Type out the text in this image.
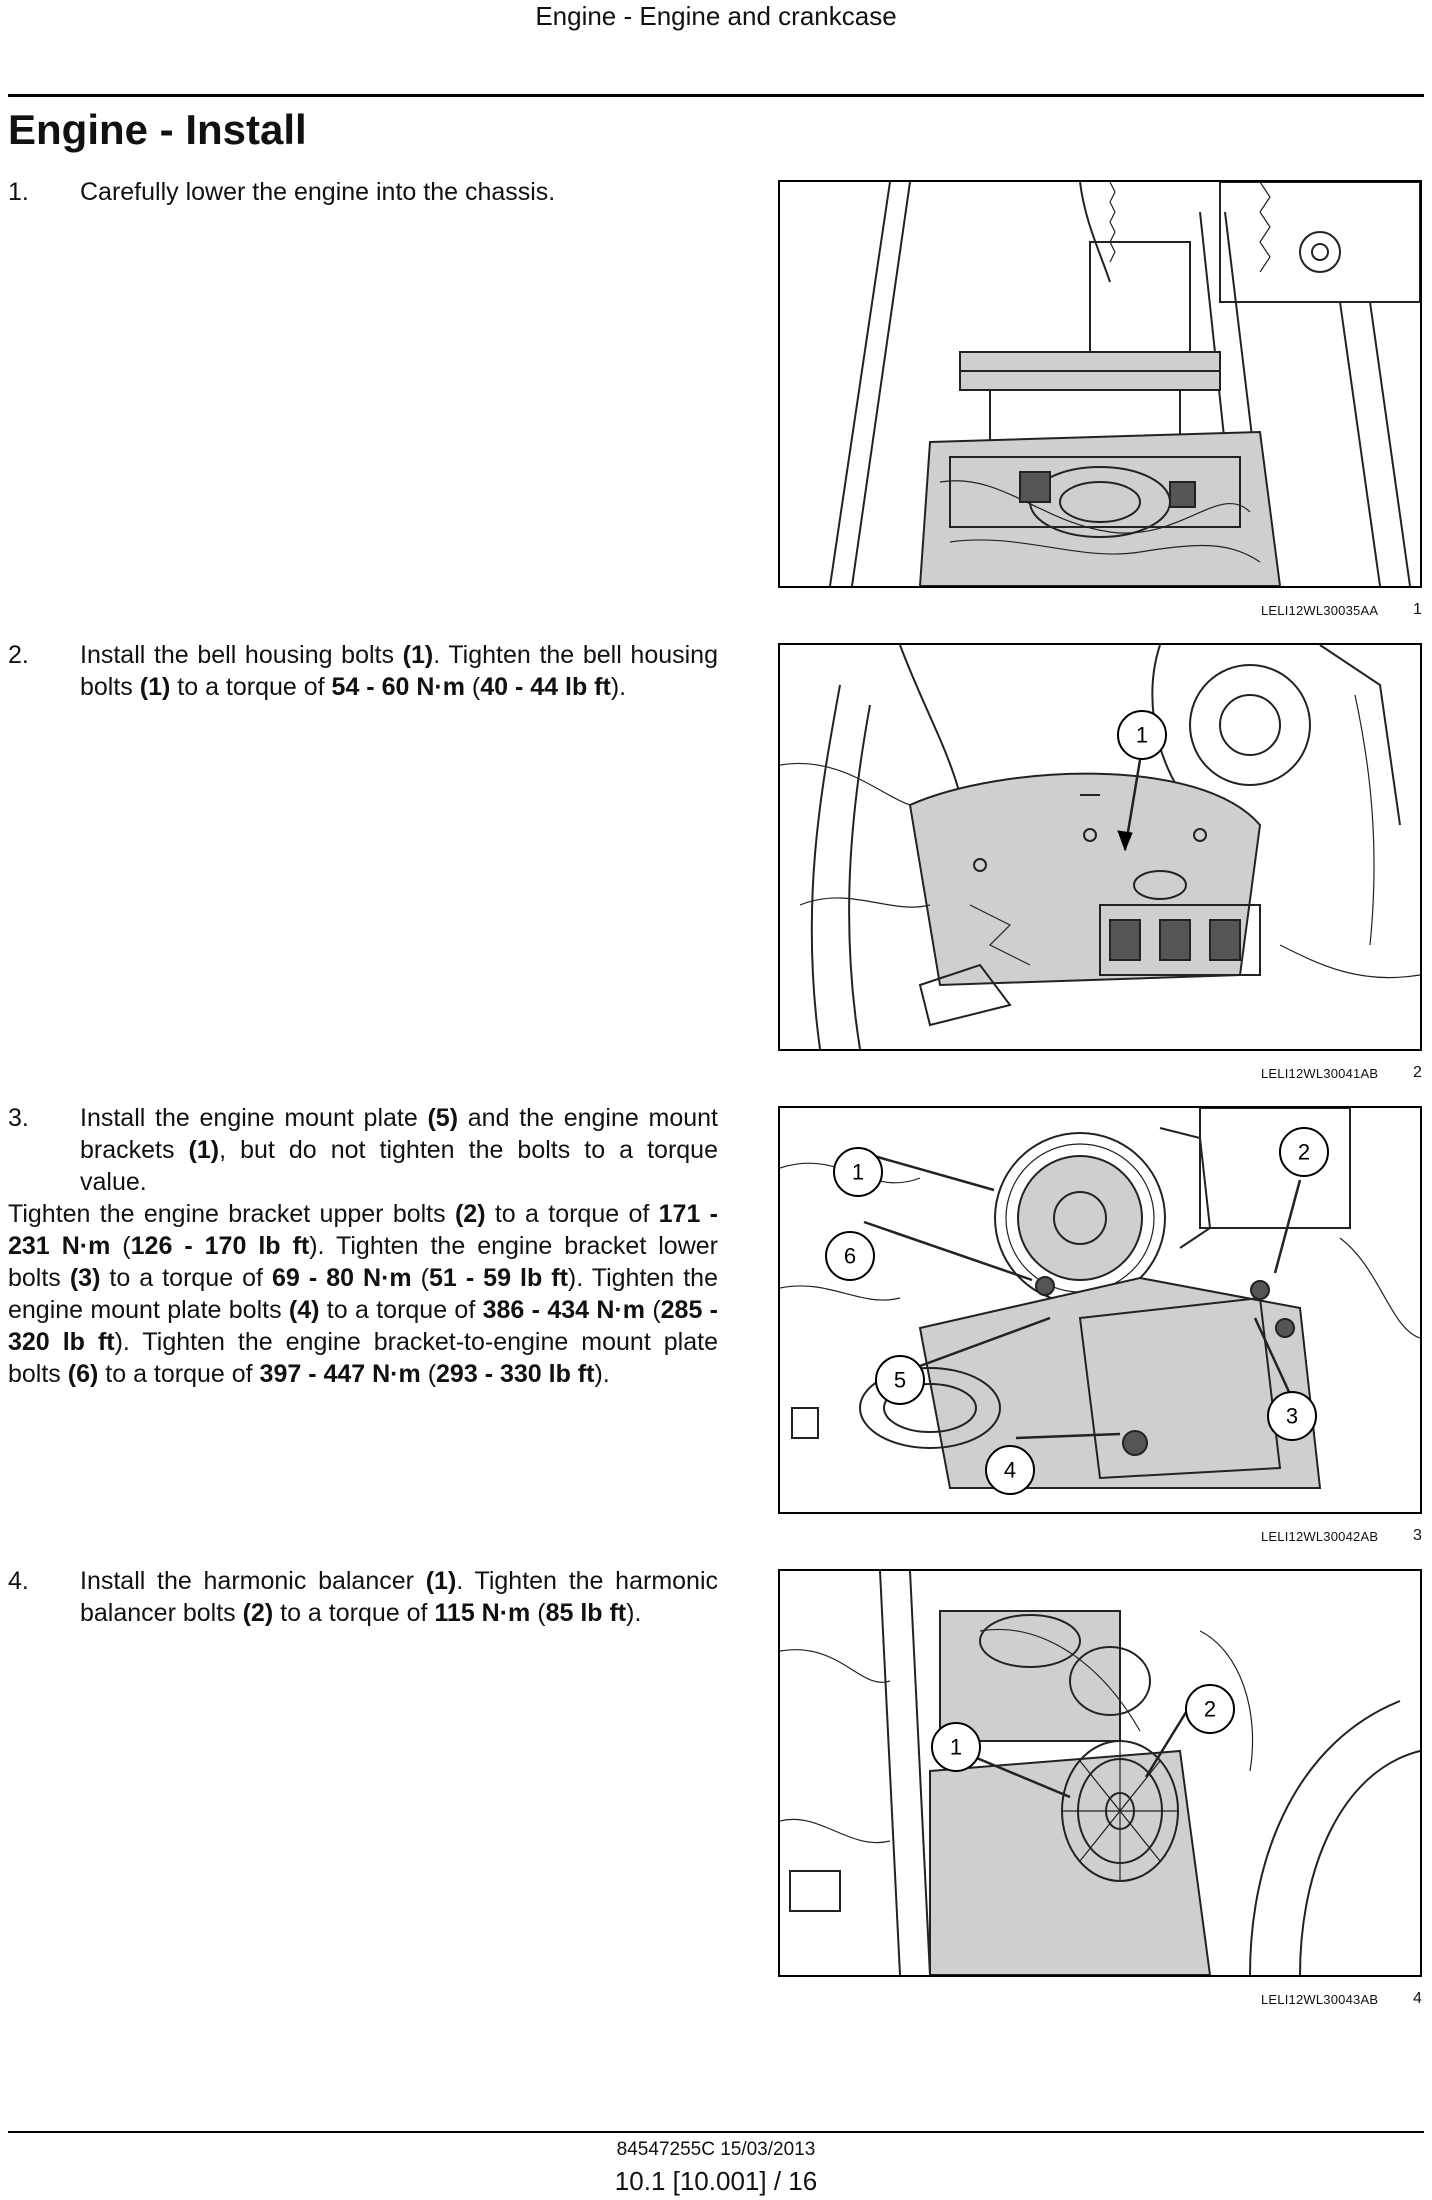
Engine - Engine and crankcase
Engine - Install
1. Carefully lower the engine into the chassis.
2. Install the bell housing bolts (1). Tighten the bell housing bolts (1) to a torque of 54 - 60 N·m (40 - 44 lb ft).
3. Install the engine mount plate (5) and the engine mount brackets (1), but do not tighten the bolts to a torque value.
Tighten the engine bracket upper bolts (2) to a torque of 171 - 231 N·m (126 - 170 lb ft). Tighten the engine bracket lower bolts (3) to a torque of 69 - 80 N·m (51 - 59 lb ft). Tighten the engine mount plate bolts (4) to a torque of 386 - 434 N·m (285 - 320 lb ft). Tighten the engine bracket-to-engine mount plate bolts (6) to a torque of 397 - 447 N·m (293 - 330 lb ft).
4. Install the harmonic balancer (1). Tighten the harmonic balancer bolts (2) to a torque of 115 N·m (85 lb ft).
LELI12WL30035AA 1
1
LELI12WL30041AB 2
1
2
6
5
3
4
LELI12WL30042AB 3
1
2
LELI12WL30043AB 4
84547255C 15/03/2013
10.1 [10.001] / 16
